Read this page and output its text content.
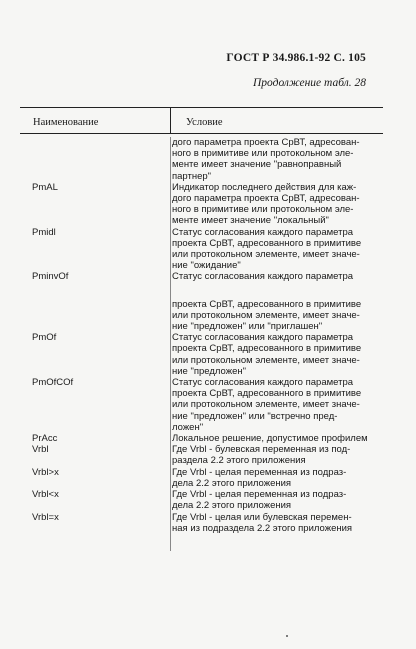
ГОСТ Р 34.986.1-92 С. 105
Продолжение табл. 28
Наименование	Условие
дого параметра проекта СрВТ, адресован-
ного в примитиве или протокольном эле-
менте имеет значение "равноправный
партнер"
PmAL	Индикатор последнего действия для каж-
дого параметра проекта СрВТ, адресован-
ного в примитиве или протокольном эле-
менте имеет значение "локальный"
Pmidl	Статус согласования каждого параметра
проекта СрВТ, адресованного в примитиве
или протокольном элементе, имеет значе-
ние "ожидание"
PminvOf	Статус согласования каждого параметра
проекта СрВТ, адресованного в примитиве
или протокольном элементе, имеет значе-
ние "предложен" или "приглашен"
PmOf	Статус согласования каждого параметра
проекта СрВТ, адресованного в примитиве
или протокольном элементе, имеет значе-
ние "предложен"
PmOfCOf	Статус согласования каждого параметра
проекта СрВТ, адресованного в примитиве
или протокольном элементе, имеет значе-
ние "предложен" или "встречно пред-
ложен"
PrAcc	Локальное решение, допустимое профилем
Vrbl	Где Vrbl - булевская переменная из под-
раздела 2.2 этого приложения
Vrbl>x	Где Vrbl - целая переменная из подраз-
дела 2.2 этого приложения
Vrbl<x	Где Vrbl - целая переменная из подраз-
дела 2.2 этого приложения
Vrbl=x	Где Vrbl - целая или булевская перемен-
ная из подраздела 2.2 этого приложения
